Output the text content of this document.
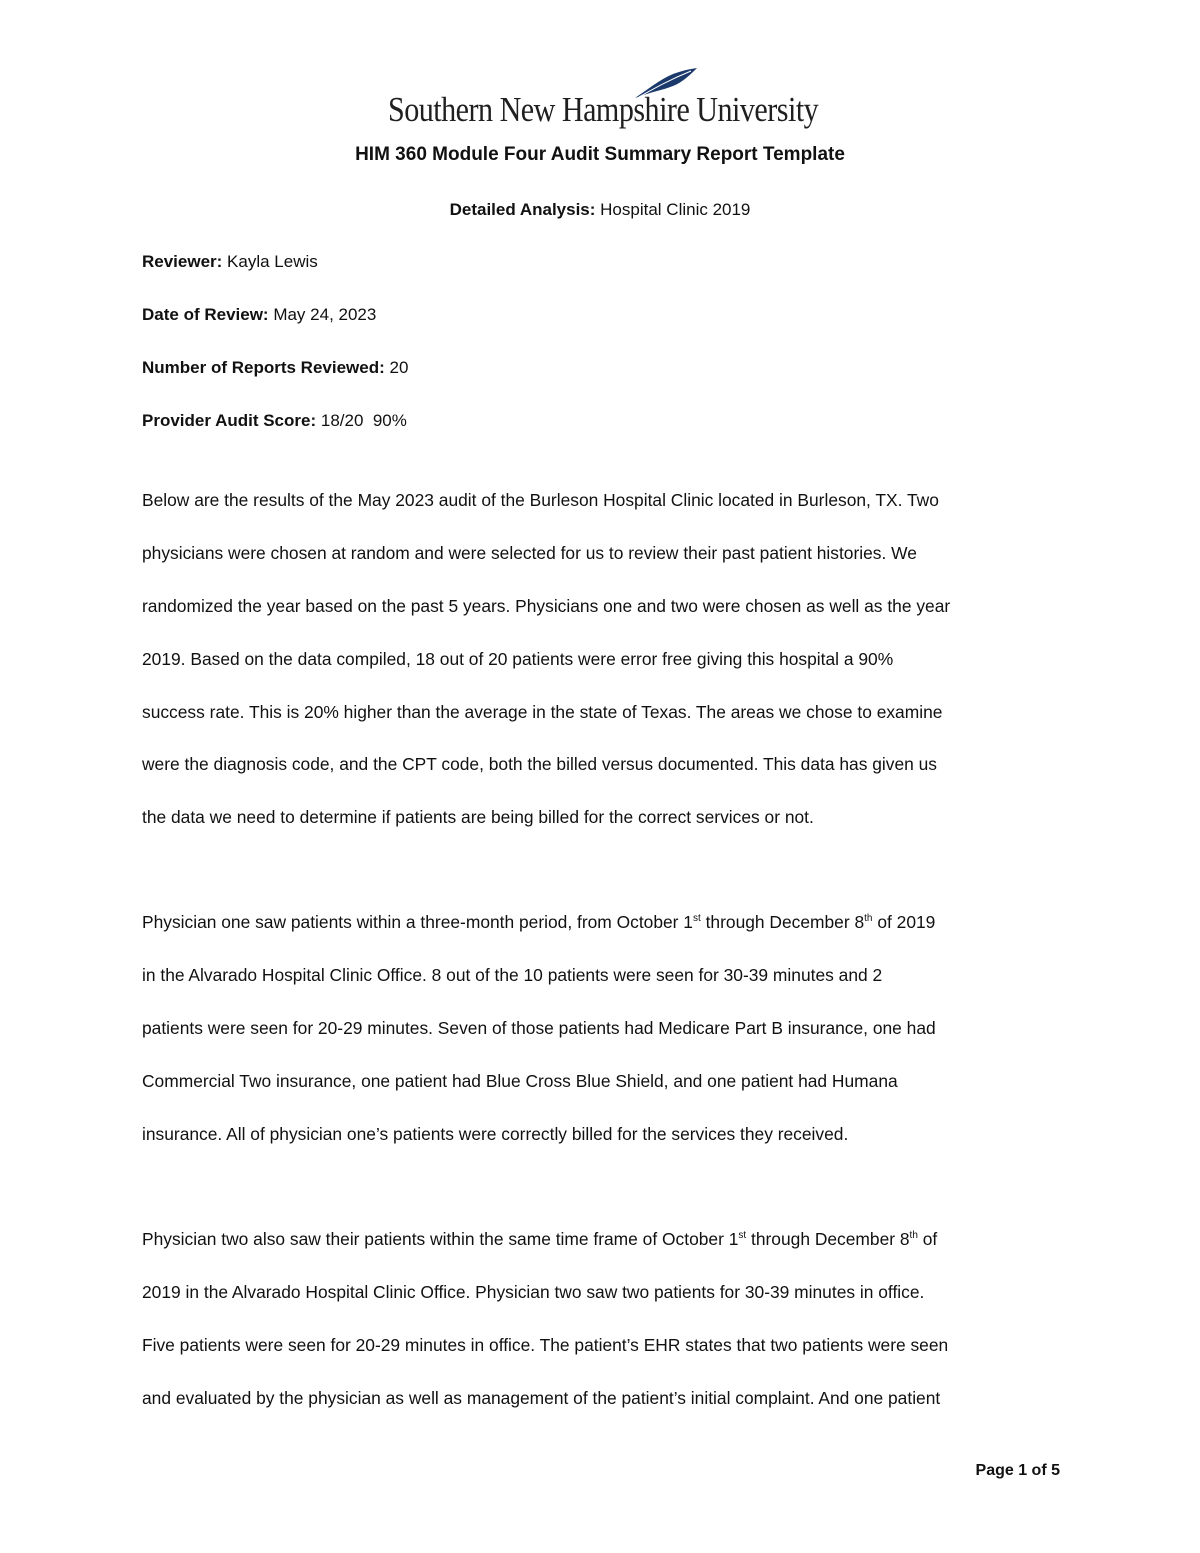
Southern New Hampshire University
HIM 360 Module Four Audit Summary Report Template
Detailed Analysis: Hospital Clinic 2019
Reviewer: Kayla Lewis
Date of Review: May 24, 2023
Number of Reports Reviewed: 20
Provider Audit Score: 18/20  90%
Below are the results of the May 2023 audit of the Burleson Hospital Clinic located in Burleson, TX. Two
physicians were chosen at random and were selected for us to review their past patient histories. We
randomized the year based on the past 5 years. Physicians one and two were chosen as well as the year
2019. Based on the data compiled, 18 out of 20 patients were error free giving this hospital a 90%
success rate. This is 20% higher than the average in the state of Texas. The areas we chose to examine
were the diagnosis code, and the CPT code, both the billed versus documented. This data has given us
the data we need to determine if patients are being billed for the correct services or not.
Physician one saw patients within a three-month period, from October 1st through December 8th of 2019
in the Alvarado Hospital Clinic Office. 8 out of the 10 patients were seen for 30-39 minutes and 2
patients were seen for 20-29 minutes. Seven of those patients had Medicare Part B insurance, one had
Commercial Two insurance, one patient had Blue Cross Blue Shield, and one patient had Humana
insurance. All of physician one’s patients were correctly billed for the services they received.
Physician two also saw their patients within the same time frame of October 1st through December 8th of
2019 in the Alvarado Hospital Clinic Office. Physician two saw two patients for 30-39 minutes in office.
Five patients were seen for 20-29 minutes in office. The patient’s EHR states that two patients were seen
and evaluated by the physician as well as management of the patient’s initial complaint. And one patient
Page 1 of 5
